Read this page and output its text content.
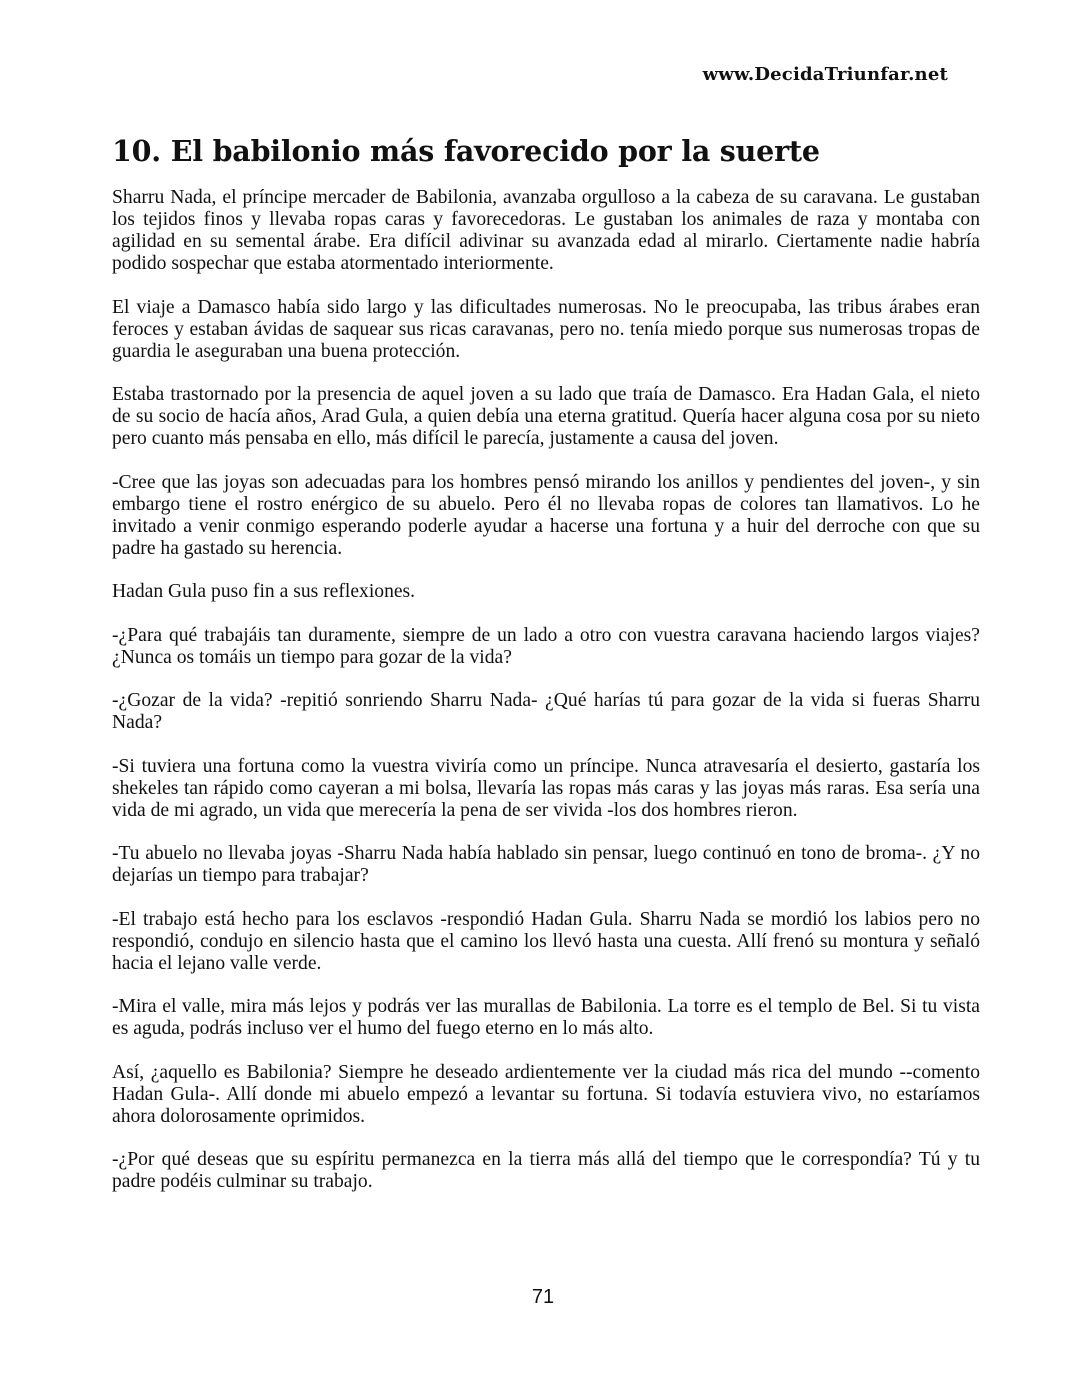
www.DecidaTriunfar.net
10. El babilonio más favorecido por la suerte

Sharru Nada, el príncipe mercader de Babilonia, avanzaba orgulloso a la cabeza de su caravana. Le gustaban los tejidos finos y llevaba ropas caras y favorecedoras. Le gustaban los animales de raza y montaba con agilidad en su semental árabe. Era difícil adivinar su avanzada edad al mirarlo. Ciertamente nadie habría podido sospechar que estaba atormentado interiormente.

El viaje a Damasco había sido largo y las dificultades numerosas. No le preocupaba, las tribus árabes eran feroces y estaban ávidas de saquear sus ricas caravanas, pero no. tenía miedo porque sus numerosas tropas de guardia le aseguraban una buena protección.

Estaba trastornado por la presencia de aquel joven a su lado que traía de Damasco. Era Hadan Gala, el nieto de su socio de hacía años, Arad Gula, a quien debía una eterna gratitud. Quería hacer alguna cosa por su nieto pero cuanto más pensaba en ello, más difícil le parecía, justamente a causa del joven.

-Cree que las joyas son adecuadas para los hombres pensó mirando los anillos y pendientes del joven-, y sin embargo tiene el rostro enérgico de su abuelo. Pero él no llevaba ropas de colores tan llamativos. Lo he invitado a venir conmigo esperando poderle ayudar a hacerse una fortuna y a huir del derroche con que su padre ha gastado su herencia.

Hadan Gula puso fin a sus reflexiones.

-¿Para qué trabajáis tan duramente, siempre de un lado a otro con vuestra caravana haciendo largos viajes? ¿Nunca os tomáis un tiempo para gozar de la vida?

-¿Gozar de la vida? -repitió sonriendo Sharru Nada- ¿Qué harías tú para gozar de la vida si fueras Sharru Nada?

-Si tuviera una fortuna como la vuestra viviría como un príncipe. Nunca atravesaría el desierto, gastaría los shekeles tan rápido como cayeran a mi bolsa, llevaría las ropas más caras y las joyas más raras. Esa sería una vida de mi agrado, un vida que merecería la pena de ser vivida -los dos hombres rieron.

-Tu abuelo no llevaba joyas -Sharru Nada había hablado sin pensar, luego continuó en tono de broma-. ¿Y no dejarías un tiempo para trabajar?

-El trabajo está hecho para los esclavos -respondió Hadan Gula. Sharru Nada se mordió los labios pero no respondió, condujo en silencio hasta que el camino los llevó hasta una cuesta. Allí frenó su montura y señaló hacia el lejano valle verde.

-Mira el valle, mira más lejos y podrás ver las murallas de Babilonia. La torre es el templo de Bel. Si tu vista es aguda, podrás incluso ver el humo del fuego eterno en lo más alto.

Así, ¿aquello es Babilonia? Siempre he deseado ardientemente ver la ciudad más rica del mundo --comento Hadan Gula-. Allí donde mi abuelo empezó a levantar su fortuna. Si todavía estuviera vivo, no estaríamos ahora dolorosamente oprimidos.

-¿Por qué deseas que su espíritu permanezca en la tierra más allá del tiempo que le correspondía? Tú y tu padre podéis culminar su trabajo.

71
